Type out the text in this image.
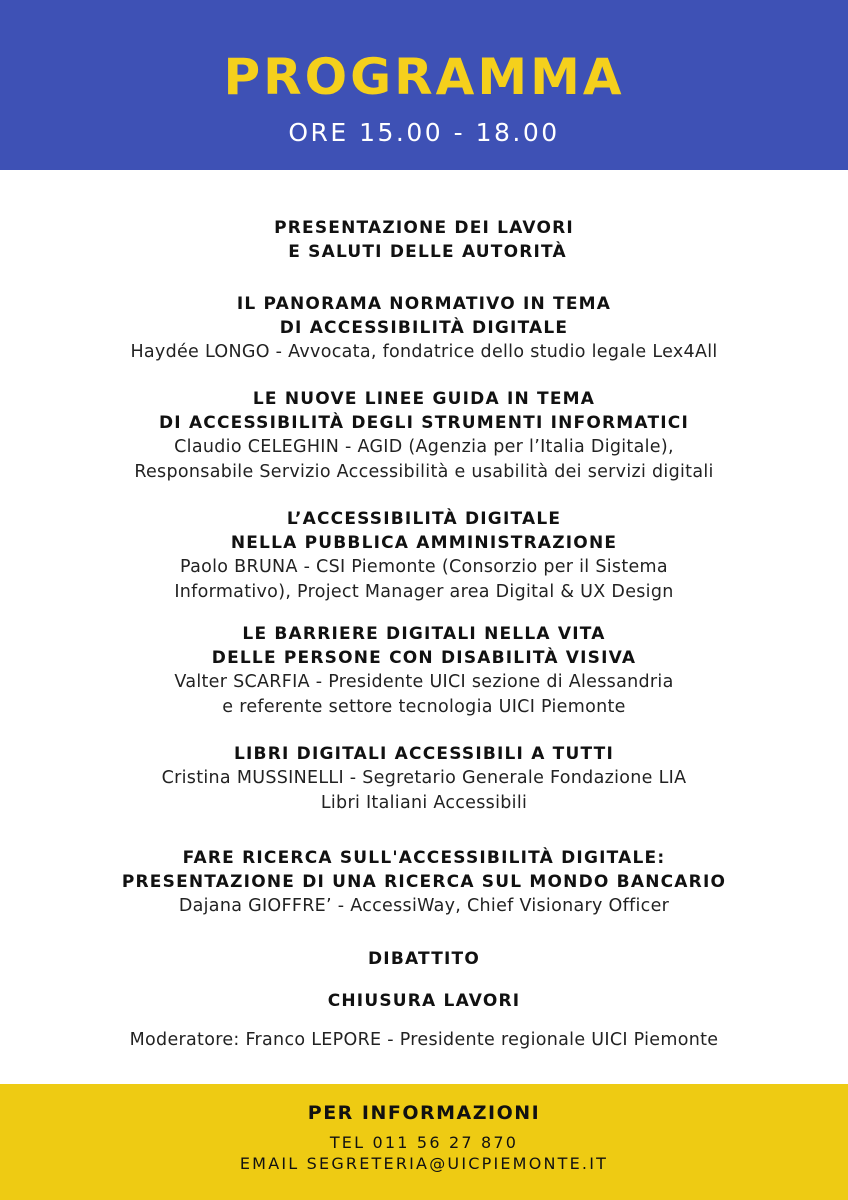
PROGRAMMA
ORE 15.00 - 18.00
PRESENTAZIONE DEI LAVORI
E SALUTI DELLE AUTORITÀ
IL PANORAMA NORMATIVO IN TEMA
DI ACCESSIBILITÀ DIGITALE
Haydée LONGO - Avvocata, fondatrice dello studio legale Lex4All
LE NUOVE LINEE GUIDA IN TEMA
DI ACCESSIBILITÀ DEGLI STRUMENTI INFORMATICI
Claudio CELEGHIN - AGID (Agenzia per l’Italia Digitale),
Responsabile Servizio Accessibilità e usabilità dei servizi digitali
L’ACCESSIBILITÀ DIGITALE
NELLA PUBBLICA AMMINISTRAZIONE
Paolo BRUNA - CSI Piemonte (Consorzio per il Sistema
Informativo), Project Manager area Digital & UX Design
LE BARRIERE DIGITALI NELLA VITA
DELLE PERSONE CON DISABILITÀ VISIVA
Valter SCARFIA - Presidente UICI sezione di Alessandria
e referente settore tecnologia UICI Piemonte
LIBRI DIGITALI ACCESSIBILI A TUTTI
Cristina MUSSINELLI - Segretario Generale Fondazione LIA
Libri Italiani Accessibili
FARE RICERCA SULL'ACCESSIBILITÀ DIGITALE:
PRESENTAZIONE DI UNA RICERCA SUL MONDO BANCARIO
Dajana GIOFFRE’ - AccessiWay, Chief Visionary Officer
DIBATTITO
CHIUSURA LAVORI
Moderatore: Franco LEPORE - Presidente regionale UICI Piemonte
PER INFORMAZIONI
TEL 011 56 27 870
EMAIL SEGRETERIA@UICPIEMONTE.IT
